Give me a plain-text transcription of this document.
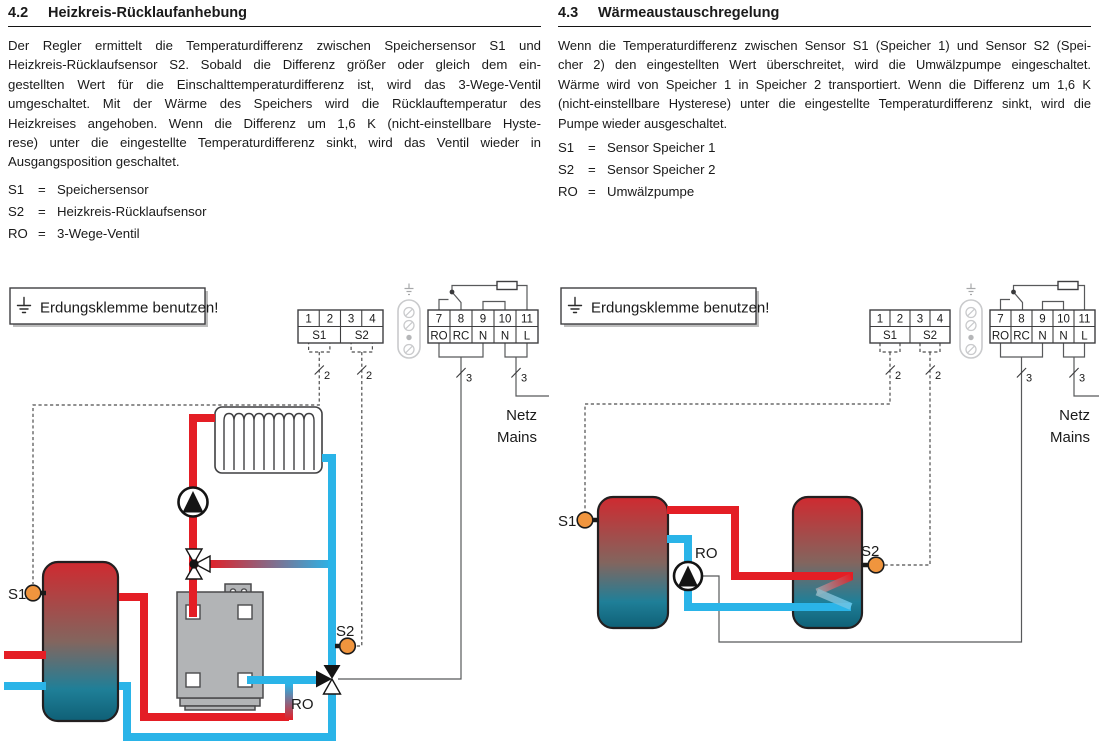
4.2	Heizkreis-Rücklaufanhebung
Der Regler ermittelt die Temperaturdifferenz zwischen Speichersensor S1 und
Heizkreis-Rücklaufsensor S2. Sobald die Differenz größer oder gleich dem ein-
gestellten Wert für die Einschalttemperaturdifferenz ist, wird das 3-Wege-Ventil
umgeschaltet. Mit der Wärme des Speichers wird die Rücklauftemperatur des
Heizkreises angehoben. Wenn die Differenz um 1,6 K (nicht-einstellbare Hyste-
rese) unter die eingestellte Temperaturdifferenz sinkt, wird das Ventil wieder in
Ausgangsposition geschaltet.
S1	= Speichersensor
S2	= Heizkreis-Rücklaufsensor
RO = 3-Wege-Ventil
4.3	Wärmeaustauschregelung
Wenn die Temperaturdifferenz zwischen Sensor S1 (Speicher 1) und Sensor S2 (Spei-
cher 2) den eingestellten Wert überschreitet, wird die Umwälzpumpe eingeschaltet.
Wärme wird von Speicher 1 in Speicher 2 transportiert. Wenn die Differenz um 1,6 K
(nicht-einstellbare Hysterese) unter die eingestellte Temperaturdifferenz sinkt, wird die
Pumpe wieder ausgeschaltet.
S1	= Sensor Speicher 1
S2	= Sensor Speicher 2
RO = Umwälzpumpe
2	2	3	3
Netz
Mains
Erdungsklemme benutzen!
1 2 3 4
S1 S2
7 8 9 10 11
RO RC N N L
RO
S1
S2
2	2	3	3
Netz
Mains
Erdungsklemme benutzen!
1 2 3 4
S1 S2
7 8 9 10 11
RO RC N N L
RO
S1
S2
